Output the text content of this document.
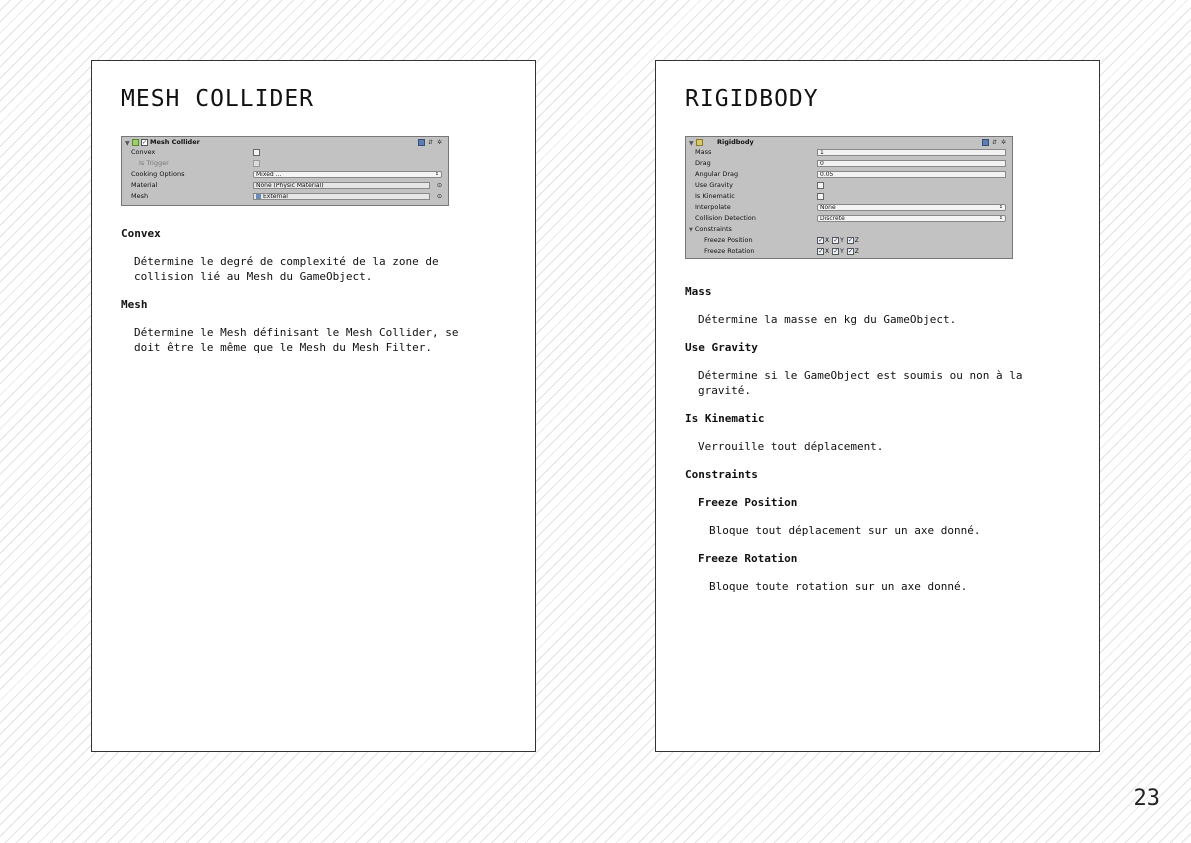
MESH COLLIDER
▼ ✓ Mesh Collider	⇵ ✲
Convex
Is Trigger
Cooking Options	Mixed ... ↕
Material	None (Physic Material)	⊙
Mesh	External	⊙

Convex

Détermine le degré de complexité de la zone de
collision lié au Mesh du GameObject.

Mesh

Détermine le Mesh définisant le Mesh Collider, se
doit être le même que le Mesh du Mesh Filter.

RIGIDBODY
▼	Rigidbody	⇵ ✲
Mass	1
Drag	0
Angular Drag	0.05
Use Gravity
Is Kinematic
Interpolate	None ↕
Collision Detection	Discrete ↕
▼ Constraints
Freeze Position	✓X ✓Y ✓Z
Freeze Rotation	✓X ✓Y ✓Z

Mass

Détermine la masse en kg du GameObject.

Use Gravity

Détermine si le GameObject est soumis ou non à la
gravité.

Is Kinematic

Verrouille tout déplacement.

Constraints

Freeze Position

Bloque tout déplacement sur un axe donné.

Freeze Rotation

Bloque toute rotation sur un axe donné.

23
